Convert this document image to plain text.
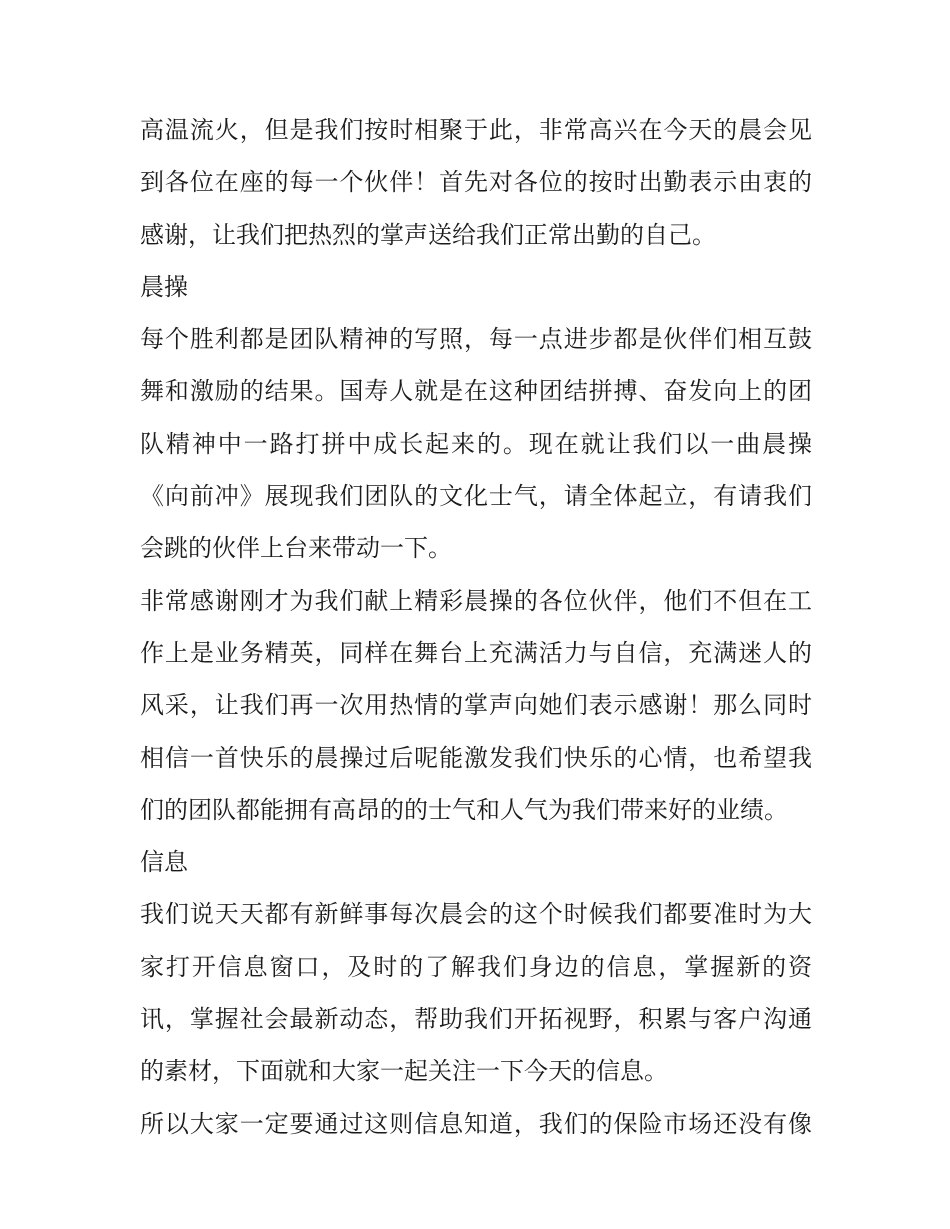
高温流火，但是我们按时相聚于此，非常高兴在今天的晨会见
到各位在座的每一个伙伴！首先对各位的按时出勤表示由衷的
感谢，让我们把热烈的掌声送给我们正常出勤的自己。

晨操

每个胜利都是团队精神的写照，每一点进步都是伙伴们相互鼓
舞和激励的结果。国寿人就是在这种团结拼搏、奋发向上的团
队精神中一路打拼中成长起来的。现在就让我们以一曲晨操
《向前冲》展现我们团队的文化士气，请全体起立，有请我们
会跳的伙伴上台来带动一下。

非常感谢刚才为我们献上精彩晨操的各位伙伴，他们不但在工
作上是业务精英，同样在舞台上充满活力与自信，充满迷人的
风采，让我们再一次用热情的掌声向她们表示感谢！那么同时
相信一首快乐的晨操过后呢能激发我们快乐的心情，也希望我
们的团队都能拥有高昂的的士气和人气为我们带来好的业绩。

信息

我们说天天都有新鲜事每次晨会的这个时候我们都要准时为大
家打开信息窗口，及时的了解我们身边的信息，掌握新的资
讯，掌握社会最新动态，帮助我们开拓视野，积累与客户沟通
的素材，下面就和大家一起关注一下今天的信息。

所以大家一定要通过这则信息知道，我们的保险市场还没有像
